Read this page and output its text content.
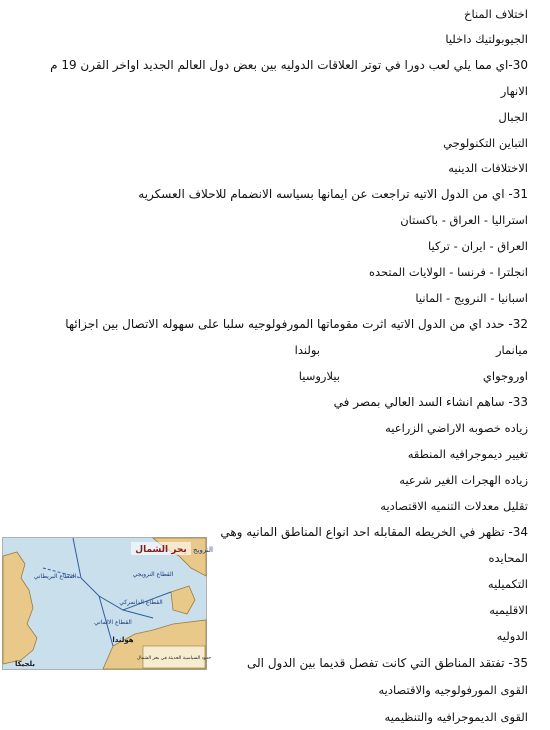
اختلاف المناخ
الجيوبولتيك داخليا
30-اي مما يلي لعب دورا في توتر العلاقات الدوليه بين بعض دول العالم الجديد اواخر القرن 19 م
الانهار
الجبال
التباين التكنولوجي
الاختلافات الدينيه
31- اي من الدول الاتيه تراجعت عن ايمانها بسياسه الانضمام للاحلاف العسكريه
استراليا - العراق - باكستان
العراق - ايران - تركيا
انجلترا - فرنسا - الولايات المتحده
اسبانيا - النرويج - المانيا
32- حدد اي من الدول الاتيه اثرت مقوماتها المورفولوجيه سلبا على سهوله الاتصال بين اجزائها
ميانمار
بولندا
اوروجواي
بيلاروسيا
33- ساهم انشاء السد العالي بمصر في
زياده خصوبه الاراضي الزراعيه
تغيير ديموجرافيه المنطقه
زياده الهجرات الغير شرعيه
تقليل معدلات التنميه الاقتصاديه
34- تظهر في الخريطه المقابله احد انواع المناطق المانيه وهي
المحايده
التكميليه
الاقليميه
الدوليه
35- تفتقد المناطق التي كانت تفصل قديما بين الدول الى
القوى المورفولوجيه والاقتصاديه
القوى الديموجرافيه والتنظيميه
النرويج
القطاع النرويجي
القطاع البريطاني
القطاع الدانمركي
القطاع الالماني
هولندا
بلجيكا
بحر الشمال
حدود السياسية الحديثة في بحر الشمال
